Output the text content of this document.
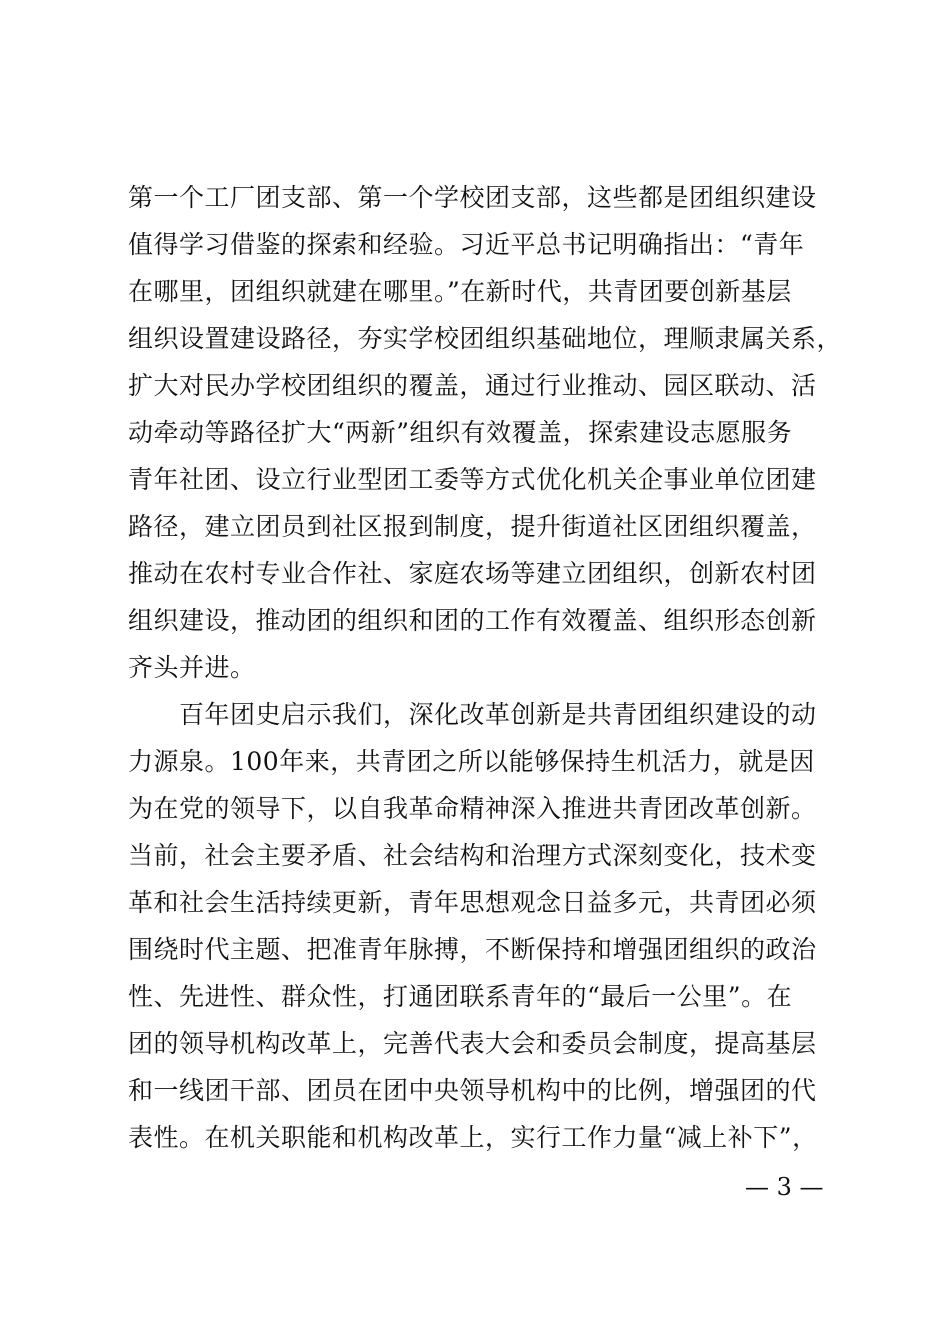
第一个工厂团支部、第一个学校团支部，这些都是团组织建设
值得学习借鉴的探索和经验。习近平总书记明确指出：“青年
在哪里，团组织就建在哪里。”在新时代，共青团要创新基层
组织设置建设路径，夯实学校团组织基础地位，理顺隶属关系，
扩大对民办学校团组织的覆盖，通过行业推动、园区联动、活
动牵动等路径扩大“两新”组织有效覆盖，探索建设志愿服务
青年社团、设立行业型团工委等方式优化机关企事业单位团建
路径，建立团员到社区报到制度，提升街道社区团组织覆盖，
推动在农村专业合作社、家庭农场等建立团组织，创新农村团
组织建设，推动团的组织和团的工作有效覆盖、组织形态创新
齐头并进。
　　百年团史启示我们，深化改革创新是共青团组织建设的动
力源泉。100年来，共青团之所以能够保持生机活力，就是因
为在党的领导下，以自我革命精神深入推进共青团改革创新。
当前，社会主要矛盾、社会结构和治理方式深刻变化，技术变
革和社会生活持续更新，青年思想观念日益多元，共青团必须
围绕时代主题、把准青年脉搏，不断保持和增强团组织的政治
性、先进性、群众性，打通团联系青年的“最后一公里”。在
团的领导机构改革上，完善代表大会和委员会制度，提高基层
和一线团干部、团员在团中央领导机构中的比例，增强团的代
表性。在机关职能和机构改革上，实行工作力量“减上补下”，
— 3 —
